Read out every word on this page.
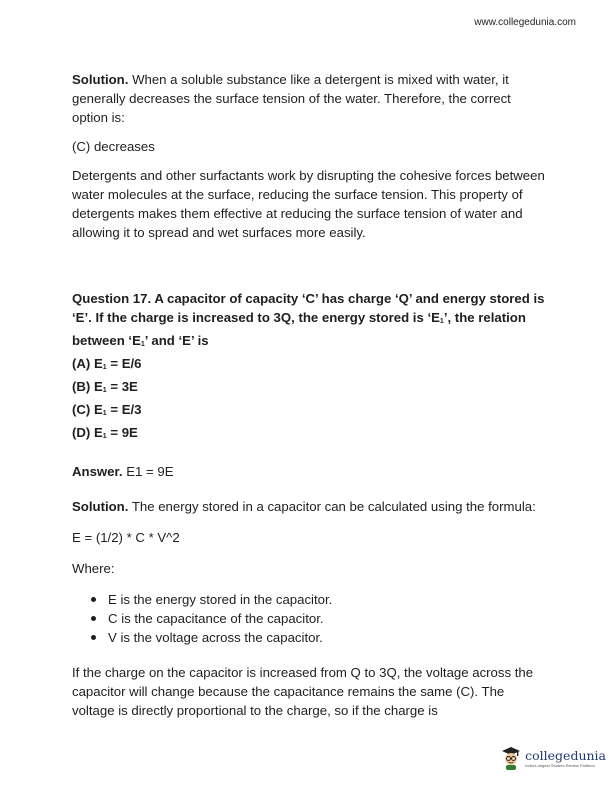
www.collegedunia.com

Solution. When a soluble substance like a detergent is mixed with water, it generally decreases the surface tension of the water. Therefore, the correct option is:

(C) decreases

Detergents and other surfactants work by disrupting the cohesive forces between water molecules at the surface, reducing the surface tension. This property of detergents makes them effective at reducing the surface tension of water and allowing it to spread and wet surfaces more easily.

Question 17. A capacitor of capacity ‘C’ has charge ‘Q’ and energy stored is ‘E’. If the charge is increased to 3Q, the energy stored is ‘$E_1$’, the relation between ‘$E_1$’ and ‘E’ is

(A) $E_1 = E/6$
(B) $E_1 = 3E$
(C) $E_1 = E/3$
(D) $E_1 = 9E$

Answer. E1 = 9E

Solution. The energy stored in a capacitor can be calculated using the formula:

E = (1/2) * C * V^2

Where:

E is the energy stored in the capacitor.
C is the capacitance of the capacitor.
V is the voltage across the capacitor.

If the charge on the capacitor is increased from Q to 3Q, the voltage across the capacitor will change because the capacitance remains the same (C). The voltage is directly proportional to the charge, so if the charge is

collegedunia
India's largest Student Review Platform
